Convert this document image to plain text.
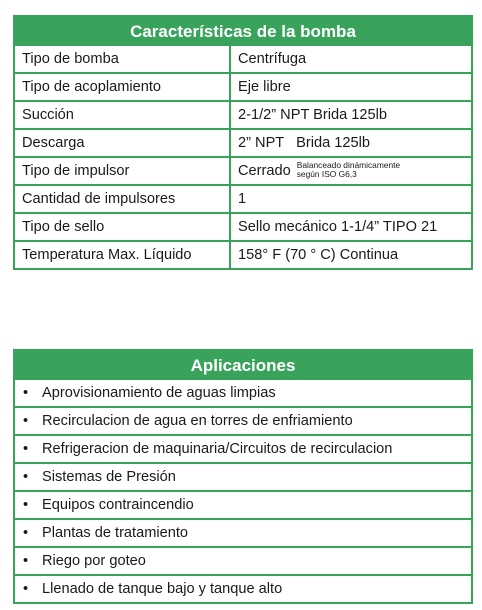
Características de la bomba
Tipo de bomba	Centrífuga
Tipo de acoplamiento	Eje libre
Succión	2-1/2” NPT Brida 125lb
Descarga	2” NPT   Brida 125lb
Tipo de impulsor	Cerrado Balanceado dinámicamente
según ISO G6,3
Cantidad de impulsores	1
Tipo de sello	Sello mecánico 1-1/4” TIPO 21
Temperatura Max. Líquido	158° F (70 ° C) Continua
Aplicaciones
•	Aprovisionamiento de aguas limpias
•	Recirculacion de agua en torres de enfriamiento
•	Refrigeracion de maquinaria/Circuitos de recirculacion
•	Sistemas de Presión
•	Equipos contraincendio
•	Plantas de tratamiento
•	Riego por goteo
•	Llenado de tanque bajo y tanque alto
